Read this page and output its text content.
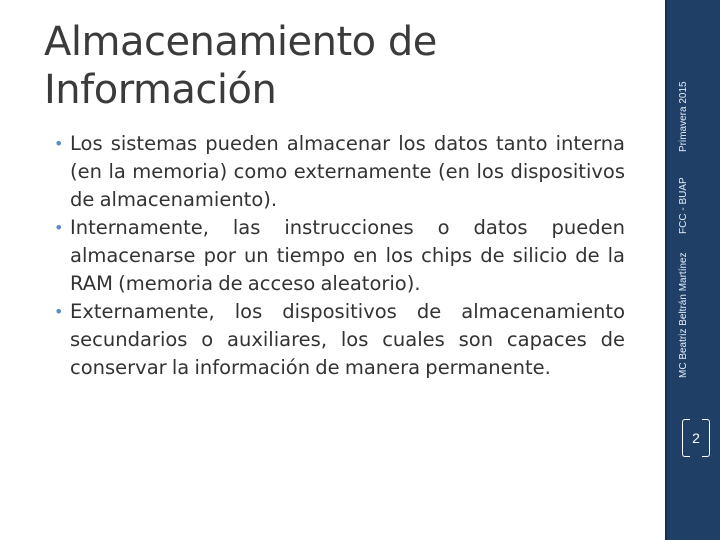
Almacenamiento de
Información
• Los sistemas pueden almacenar los datos tanto interna (en la memoria) como externamente (en los dispositivos de almacenamiento).
• Internamente, las instrucciones o datos pueden almacenarse por un tiempo en los chips de silicio de la RAM (memoria de acceso aleatorio).
• Externamente, los dispositivos de almacenamiento secundarios o auxiliares, los cuales son capaces de conservar la información de manera permanente.
Primavera 2015
FCC - BUAP
MC Beatriz Beltrán Martínez
2
